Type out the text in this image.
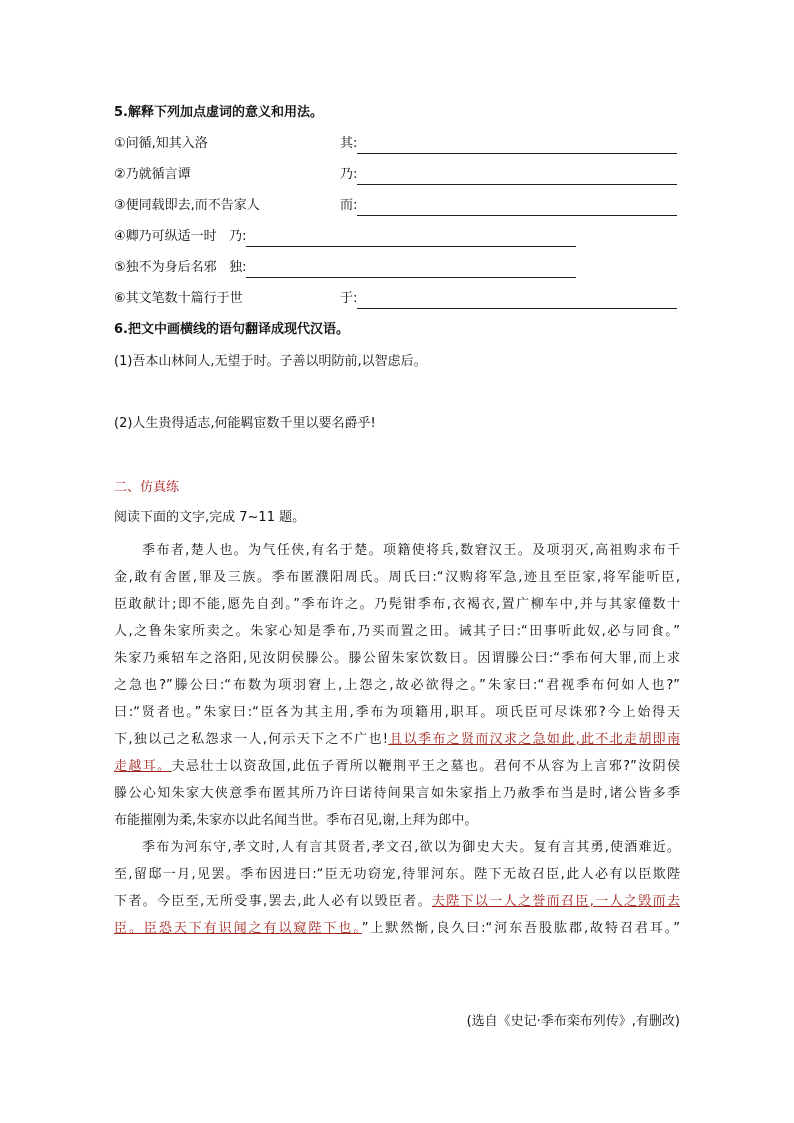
5.解释下列加点虚词的意义和用法。
①问循,知其入洛	其:
②乃就循言谭	乃:
③便同载即去,而不告家人	而:
④卿乃可纵适一时 乃:
⑤独不为身后名邪 独:
⑥其文笔数十篇行于世	于:
6.把文中画横线的语句翻译成现代汉语。
(1)吾本山林间人,无望于时。子善以明防前,以智虑后。
(2)人生贵得适志,何能羁宦数千里以要名爵乎!
二、仿真练
阅读下面的文字,完成 7~11 题。
季布者,楚人也。为气任侠,有名于楚。项籍使将兵,数窘汉王。及项羽灭,高祖购求布千
金,敢有舍匿,罪及三族。季布匿濮阳周氏。周氏曰:“汉购将军急,迹且至臣家,将军能听臣,
臣敢献计;即不能,愿先自刭。”季布许之。乃髡钳季布,衣褐衣,置广柳车中,并与其家僮数十
人,之鲁朱家所卖之。朱家心知是季布,乃买而置之田。诫其子曰:“田事听此奴,必与同食。”
朱家乃乘轺车之洛阳,见汝阴侯滕公。滕公留朱家饮数日。因谓滕公曰:“季布何大罪,而上求
之急也?”滕公曰:“布数为项羽窘上,上怨之,故必欲得之。”朱家曰:“君视季布何如人也?”
曰:“贤者也。”朱家曰:“臣各为其主用,季布为项籍用,职耳。项氏臣可尽诛邪?今上始得天
下,独以己之私怨求一人,何示天下之不广也!且以季布之贤而汉求之急如此,此不北走胡即南
走越耳。夫忌壮士以资敌国,此伍子胥所以鞭荆平王之墓也。君何不从容为上言邪?”汝阴侯
滕公心知朱家大侠意季布匿其所乃许曰诺待间果言如朱家指上乃赦季布当是时,诸公皆多季
布能摧刚为柔,朱家亦以此名闻当世。季布召见,谢,上拜为郎中。
季布为河东守,孝文时,人有言其贤者,孝文召,欲以为御史大夫。复有言其勇,使酒难近。
至,留邸一月,见罢。季布因进曰:“臣无功窃宠,待罪河东。陛下无故召臣,此人必有以臣欺陛
下者。今臣至,无所受事,罢去,此人必有以毁臣者。夫陛下以一人之誉而召臣,一人之毁而去
臣。臣恐天下有识闻之有以窥陛下也。”上默然惭,良久曰:“河东吾股肱郡,故特召君耳。”
(选自《史记·季布栾布列传》,有删改)
